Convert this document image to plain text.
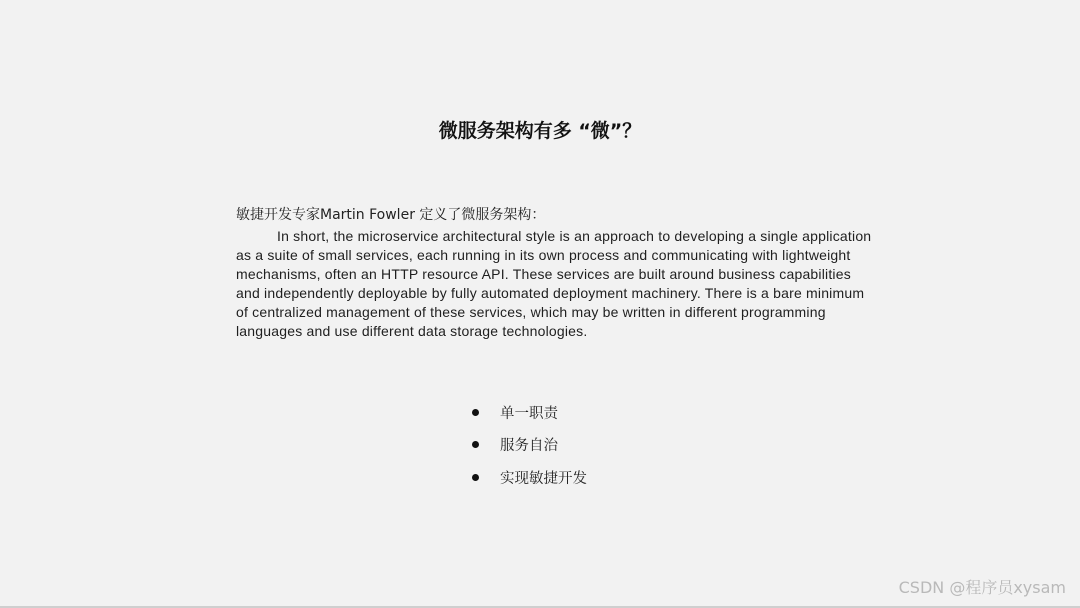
微服务架构有多 “微”？
敏捷开发专家Martin Fowler 定义了微服务架构：
In short, the microservice architectural style is an approach to developing a single application as a suite of small services, each running in its own process and communicating with lightweight mechanisms, often an HTTP resource API. These services are built around business capabilities and independently deployable by fully automated deployment machinery. There is a bare minimum of centralized management of these services, which may be written in different programming languages and use different data storage technologies.
单一职责
服务自治
实现敏捷开发
CSDN @程序员xysam
